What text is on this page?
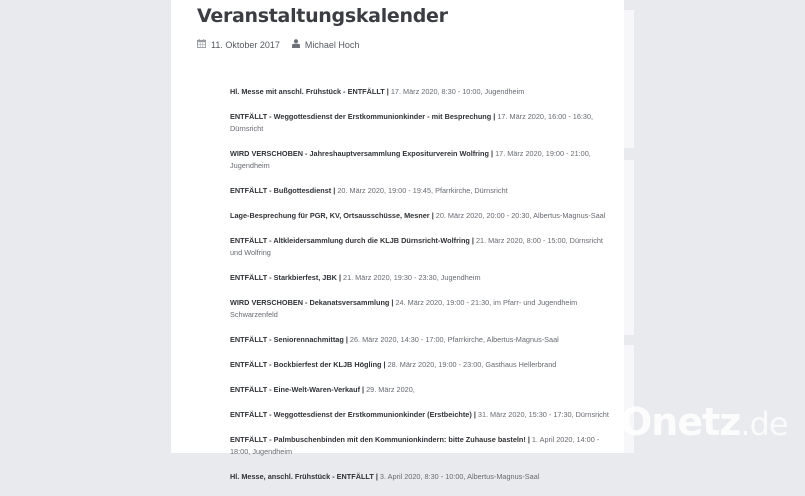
Veranstaltungskalender
11. Oktober 2017	Michael Hoch
Hl. Messe mit anschl. Frühstück - ENTFÄLLT | 17. März 2020, 8:30 - 10:00, Jugendheim
ENTFÄLLT - Weggottesdienst der Erstkommunionkinder - mit Besprechung | 17. März 2020, 16:00 - 16:30, Dürnsricht
WIRD VERSCHOBEN - Jahreshauptversammlung Expositurverein Wolfring | 17. März 2020, 19:00 - 21:00, Jugendheim
ENTFÄLLT - Bußgottesdienst | 20. März 2020, 19:00 - 19:45, Pfarrkirche, Dürnsricht
Lage-Besprechung für PGR, KV, Ortsausschüsse, Mesner | 20. März 2020, 20:00 - 20:30, Albertus-Magnus-Saal
ENTFÄLLT - Altkleidersammlung durch die KLJB Dürnsricht-Wolfring | 21. März 2020, 8:00 - 15:00, Dürnsricht und Wolfring
ENTFÄLLT - Starkbierfest, JBK | 21. März 2020, 19:30 - 23:30, Jugendheim
WIRD VERSCHOBEN - Dekanatsversammlung | 24. März 2020, 19:00 - 21:30, im Pfarr- und Jugendheim Schwarzenfeld
ENTFÄLLT - Seniorennachmittag | 26. März 2020, 14:30 - 17:00, Pfarrkirche, Albertus-Magnus-Saal
ENTFÄLLT - Bockbierfest der KLJB Högling | 28. März 2020, 19:00 - 23:00, Gasthaus Hellerbrand
ENTFÄLLT - Eine-Welt-Waren-Verkauf | 29. März 2020,
ENTFÄLLT - Weggottesdienst der Erstkommunionkinder (Erstbeichte) | 31. März 2020, 15:30 - 17:30, Dürnsricht
ENTFÄLLT - Palmbuschenbinden mit den Kommunionkindern: bitte Zuhause basteln! | 1. April 2020, 14:00 - 18:00, Jugendheim
Hl. Messe, anschl. Frühstück - ENTFÄLLT | 3. April 2020, 8:30 - 10:00, Albertus-Magnus-Saal
Onetz.de
